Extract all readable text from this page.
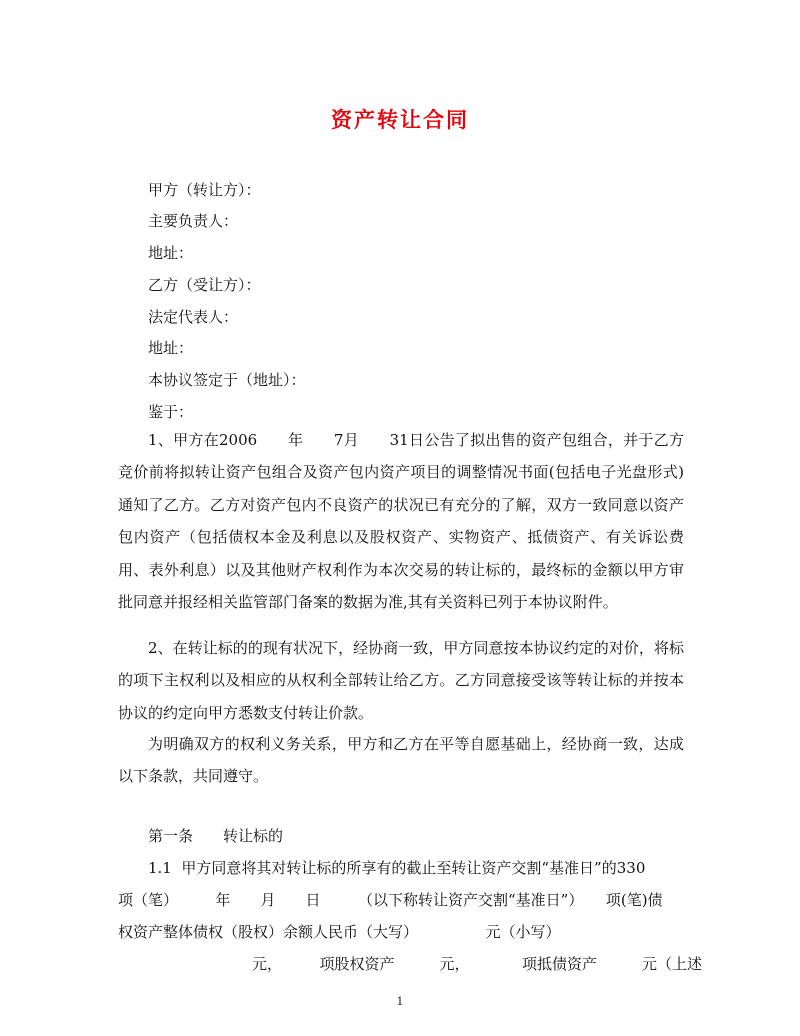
资产转让合同
甲方（转让方）：
主要负责人：
地址：
乙方（受让方）：
法定代表人：
地址：
本协议签定于（地址）：
鉴于：
1、甲方在2006　　年　　7月　　31日公告了拟出售的资产包组合，并于乙方竞价前将拟转让资产包组合及资产包内资产项目的调整情况书面(包括电子光盘形式)通知了乙方。乙方对资产包内不良资产的状况已有充分的了解，双方一致同意以资产包内资产（包括债权本金及利息以及股权资产、实物资产、抵债资产、有关诉讼费用、表外利息）以及其他财产权利作为本次交易的转让标的，最终标的金额以甲方审批同意并报经相关监管部门备案的数据为准,其有关资料已列于本协议附件。
2、在转让标的的现有状况下，经协商一致，甲方同意按本协议约定的对价，将标的项下主权利以及相应的从权利全部转让给乙方。乙方同意接受该等转让标的并按本协议的约定向甲方悉数支付转让价款。
为明确双方的权利义务关系，甲方和乙方在平等自愿基础上，经协商一致，达成以下条款，共同遵守。
第一条　　转让标的
1.1  甲方同意将其对转让标的所享有的截止至转让资产交割“基准日”的330
项（笔）　　　年　　月　　日　　　（以下称转让资产交割“基准日”）　　项(笔)债
权资产整体债权（股权）余额人民币（大写）　　　　　元（小写）
元，　　　项股权资产　　　元，　　　　项抵债资产　　　元（上述
1
